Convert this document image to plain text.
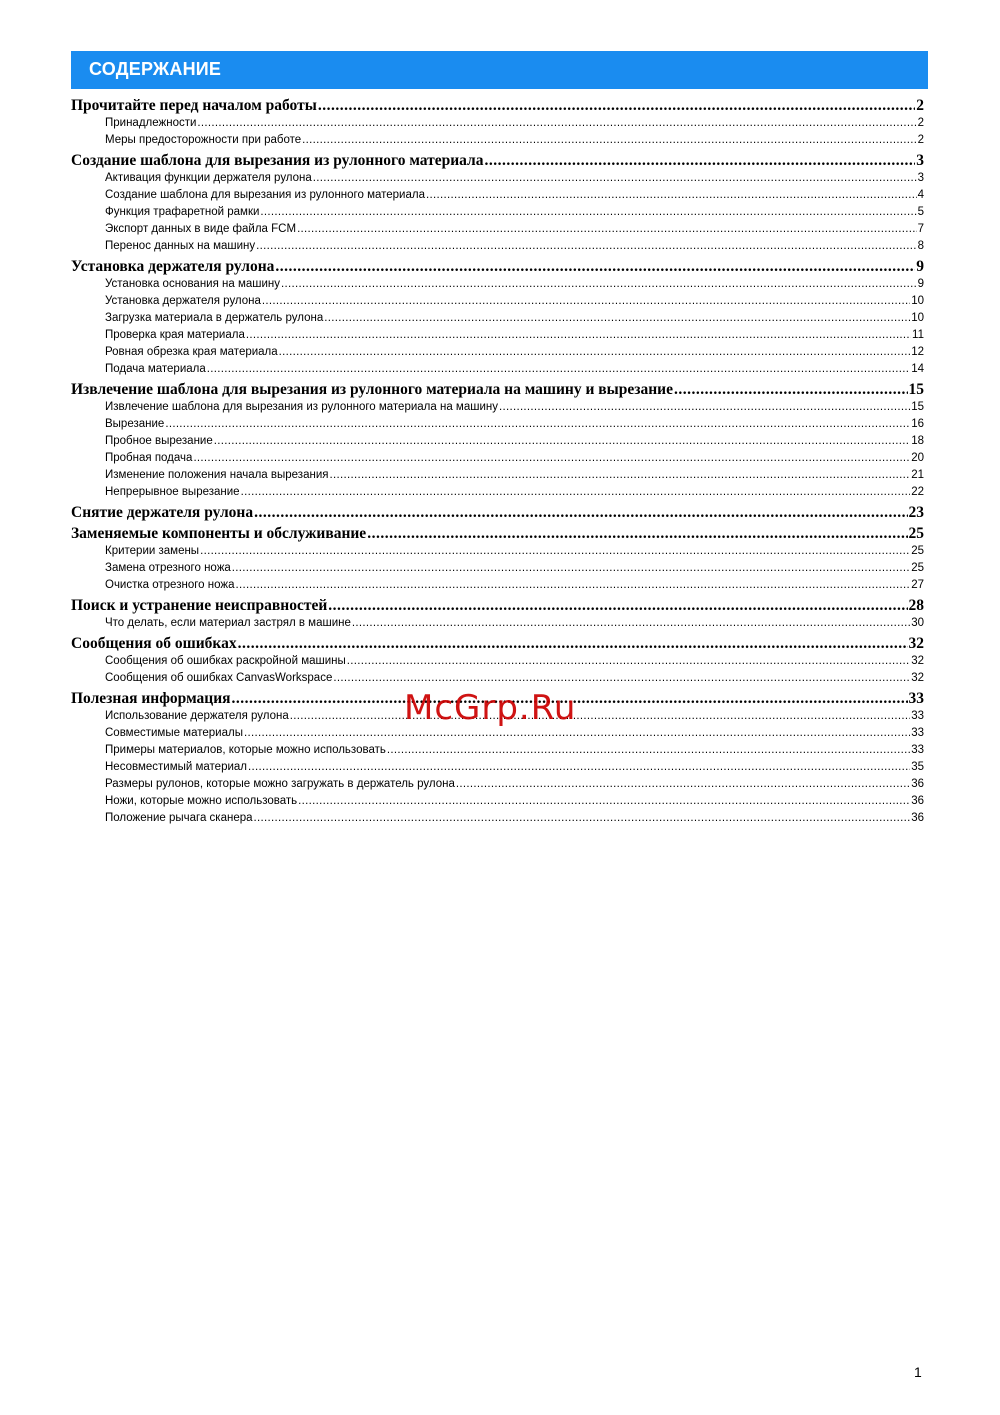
СОДЕРЖАНИЕ
Прочитайте перед началом работы .....	2
Принадлежности .....	2
Меры предосторожности при работе .....	2
Создание шаблона для вырезания из рулонного материала .....	3
Активация функции держателя рулона .....	3
Создание шаблона для вырезания из рулонного материала .....	4
Функция трафаретной рамки .....	5
Экспорт данных в виде файла FCM .....	7
Перенос данных на машину .....	8
Установка держателя рулона .....	9
Установка основания на машину .....	9
Установка держателя рулона .....	10
Загрузка материала в держатель рулона .....	10
Проверка края материала .....	11
Ровная обрезка края материала .....	12
Подача материала .....	14
Извлечение шаблона для вырезания из рулонного материала на машину и вырезание .....	15
Извлечение шаблона для вырезания из рулонного материала на машину .....	15
Вырезание .....	16
Пробное вырезание .....	18
Пробная подача .....	20
Изменение положения начала вырезания .....	21
Непрерывное вырезание .....	22
Снятие держателя рулона .....	23
Заменяемые компоненты и обслуживание .....	25
Критерии замены .....	25
Замена отрезного ножа .....	25
Очистка отрезного ножа .....	27
Поиск и устранение неисправностей .....	28
Что делать, если материал застрял в машине .....	30
Сообщения об ошибках .....	32
Сообщения об ошибках раскройной машины .....	32
Сообщения об ошибках CanvasWorkspace .....	32
Полезная информация .....	33
Использование держателя рулона .....	33
Совместимые материалы .....	33
Примеры материалов, которые можно использовать .....	33
Несовместимый материал .....	35
Размеры рулонов, которые можно загружать в держатель рулона .....	36
Ножи, которые можно использовать .....	36
Положение рычага сканера .....	36
McGrp.Ru
1
